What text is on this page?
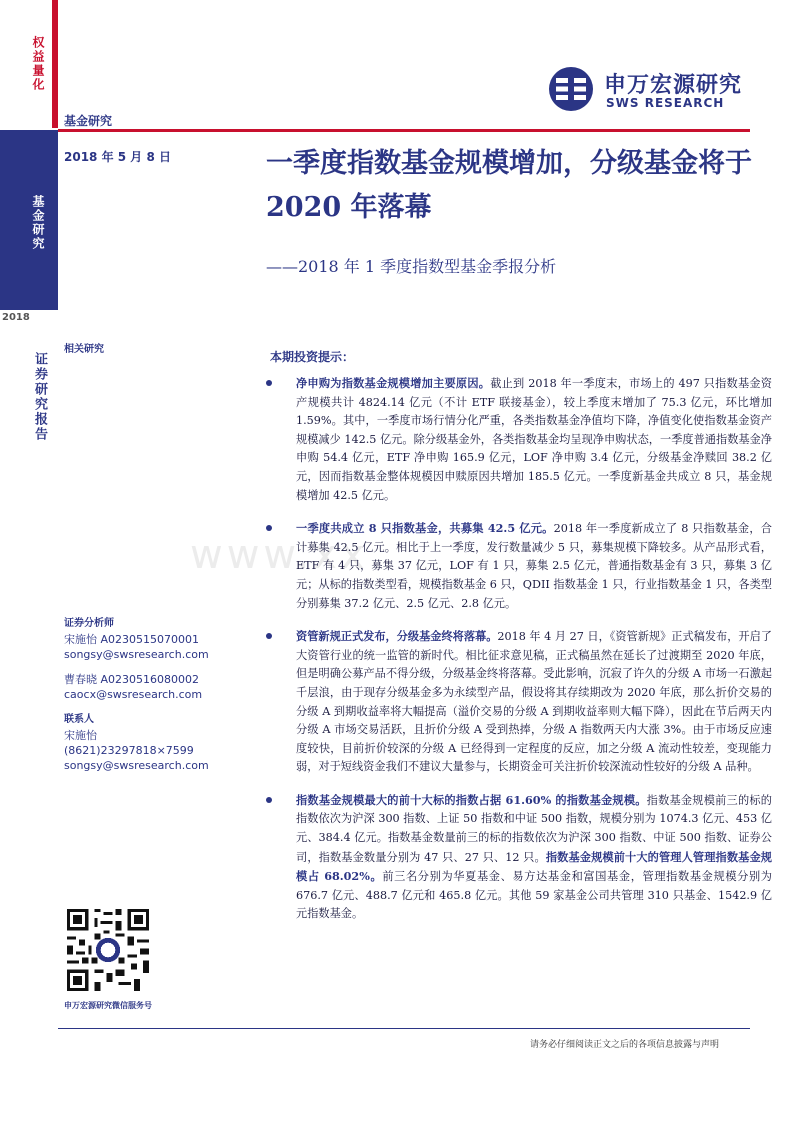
权益量化
基金研究
2018
证券研究报告
申万宏源研究
SWS RESEARCH
基金研究
2018 年 5 月 8 日	一季度指数基金规模增加，分级基金将于 2020 年落幕
——2018 年 1 季度指数型基金季报分析
www.xx
相关研究
证券分析师
宋施怡 A0230515070001
songsy@swsresearch.com
曹春晓 A0230516080002
caocx@swsresearch.com
联系人
宋施怡
(8621)23297818×7599
songsy@swsresearch.com
申万宏源研究微信服务号
本期投资提示：
净申购为指数基金规模增加主要原因。截止到 2018 年一季度末，市场上的 497 只指数基金资产规模共计 4824.14 亿元（不计 ETF 联接基金），较上季度末增加了 75.3 亿元，环比增加 1.59%。其中，一季度市场行情分化严重，各类指数基金净值均下降，净值变化使指数基金资产规模减少 142.5 亿元。除分级基金外，各类指数基金均呈现净申购状态，一季度普通指数基金净申购 54.4 亿元，ETF 净申购 165.9 亿元，LOF 净申购 3.4 亿元，分级基金净赎回 38.2 亿元，因而指数基金整体规模因申赎原因共增加 185.5 亿元。一季度新基金共成立 8 只，基金规模增加 42.5 亿元。
一季度共成立 8 只指数基金，共募集 42.5 亿元。2018 年一季度新成立了 8 只指数基金，合计募集 42.5 亿元。相比于上一季度，发行数量减少 5 只，募集规模下降较多。从产品形式看，ETF 有 4 只，募集 37 亿元，LOF 有 1 只，募集 2.5 亿元，普通指数基金有 3 只，募集 3 亿元；从标的指数类型看，规模指数基金 6 只，QDII 指数基金 1 只，行业指数基金 1 只，各类型分别募集 37.2 亿元、2.5 亿元、2.8 亿元。
资管新规正式发布，分级基金终将落幕。2018 年 4 月 27 日，《资管新规》正式稿发布，开启了大资管行业的统一监管的新时代。相比征求意见稿，正式稿虽然在延长了过渡期至 2020 年底，但是明确公募产品不得分级，分级基金终将落幕。受此影响，沉寂了许久的分级 A 市场一石激起千层浪，由于现存分级基金多为永续型产品，假设将其存续期改为 2020 年底，那么折价交易的分级 A 到期收益率将大幅提高（溢价交易的分级 A 到期收益率则大幅下降），因此在节后两天内分级 A 市场交易活跃，且折价分级 A 受到热捧，分级 A 指数两天内大涨 3%。由于市场反应速度较快，目前折价较深的分级 A 已经得到一定程度的反应，加之分级 A 流动性较差，变现能力弱，对于短线资金我们不建议大量参与，长期资金可关注折价较深流动性较好的分级 A 品种。
指数基金规模最大的前十大标的指数占据 61.60% 的指数基金规模。指数基金规模前三的标的指数依次为沪深 300 指数、上证 50 指数和中证 500 指数，规模分别为 1074.3 亿元、453 亿元、384.4 亿元。指数基金数量前三的标的指数依次为沪深 300 指数、中证 500 指数、证券公司，指数基金数量分别为 47 只、27 只、12 只。指数基金规模前十大的管理人管理指数基金规模占 68.02%。前三名分别为华夏基金、易方达基金和富国基金，管理指数基金规模分别为 676.7 亿元、488.7 亿元和 465.8 亿元。其他 59 家基金公司共管理 310 只基金、1542.9 亿元指数基金。
请务必仔细阅读正文之后的各项信息披露与声明
